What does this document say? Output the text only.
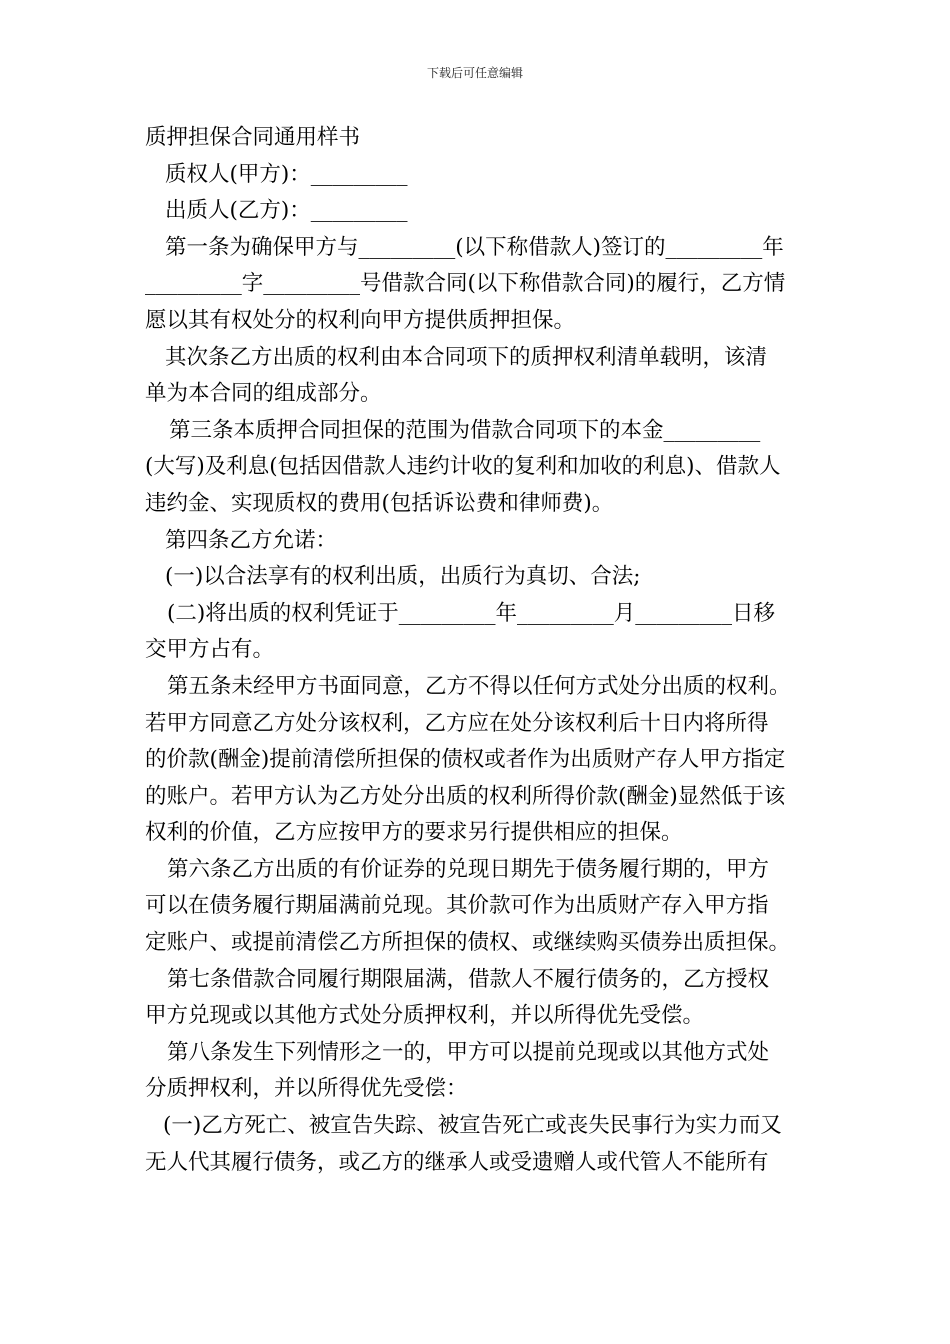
下载后可任意编辑
质押担保合同通用样书
质权人(甲方)：_________
出质人(乙方)：_________
第一条为确保甲方与_________(以下称借款人)签订的_________年
_________字_________号借款合同(以下称借款合同)的履行，乙方情
愿以其有权处分的权利向甲方提供质押担保。
其次条乙方出质的权利由本合同项下的质押权利清单载明，该清
单为本合同的组成部分。
第三条本质押合同担保的范围为借款合同项下的本金_________
(大写)及利息(包括因借款人违约计收的复利和加收的利息)、借款人
违约金、实现质权的费用(包括诉讼费和律师费)。
第四条乙方允诺：
(一)以合法享有的权利出质，出质行为真切、合法;
(二)将出质的权利凭证于_________年_________月_________日移
交甲方占有。
第五条未经甲方书面同意，乙方不得以任何方式处分出质的权利。
若甲方同意乙方处分该权利，乙方应在处分该权利后十日内将所得
的价款(酬金)提前清偿所担保的债权或者作为出质财产存人甲方指定
的账户。若甲方认为乙方处分出质的权利所得价款(酬金)显然低于该
权利的价值，乙方应按甲方的要求另行提供相应的担保。
第六条乙方出质的有价证券的兑现日期先于债务履行期的，甲方
可以在债务履行期届满前兑现。其价款可作为出质财产存入甲方指
定账户、或提前清偿乙方所担保的债权、或继续购买债券出质担保。
第七条借款合同履行期限届满，借款人不履行债务的，乙方授权
甲方兑现或以其他方式处分质押权利，并以所得优先受偿。
第八条发生下列情形之一的，甲方可以提前兑现或以其他方式处
分质押权利，并以所得优先受偿：
(一)乙方死亡、被宣告失踪、被宣告死亡或丧失民事行为实力而又
无人代其履行债务，或乙方的继承人或受遗赠人或代管人不能所有
